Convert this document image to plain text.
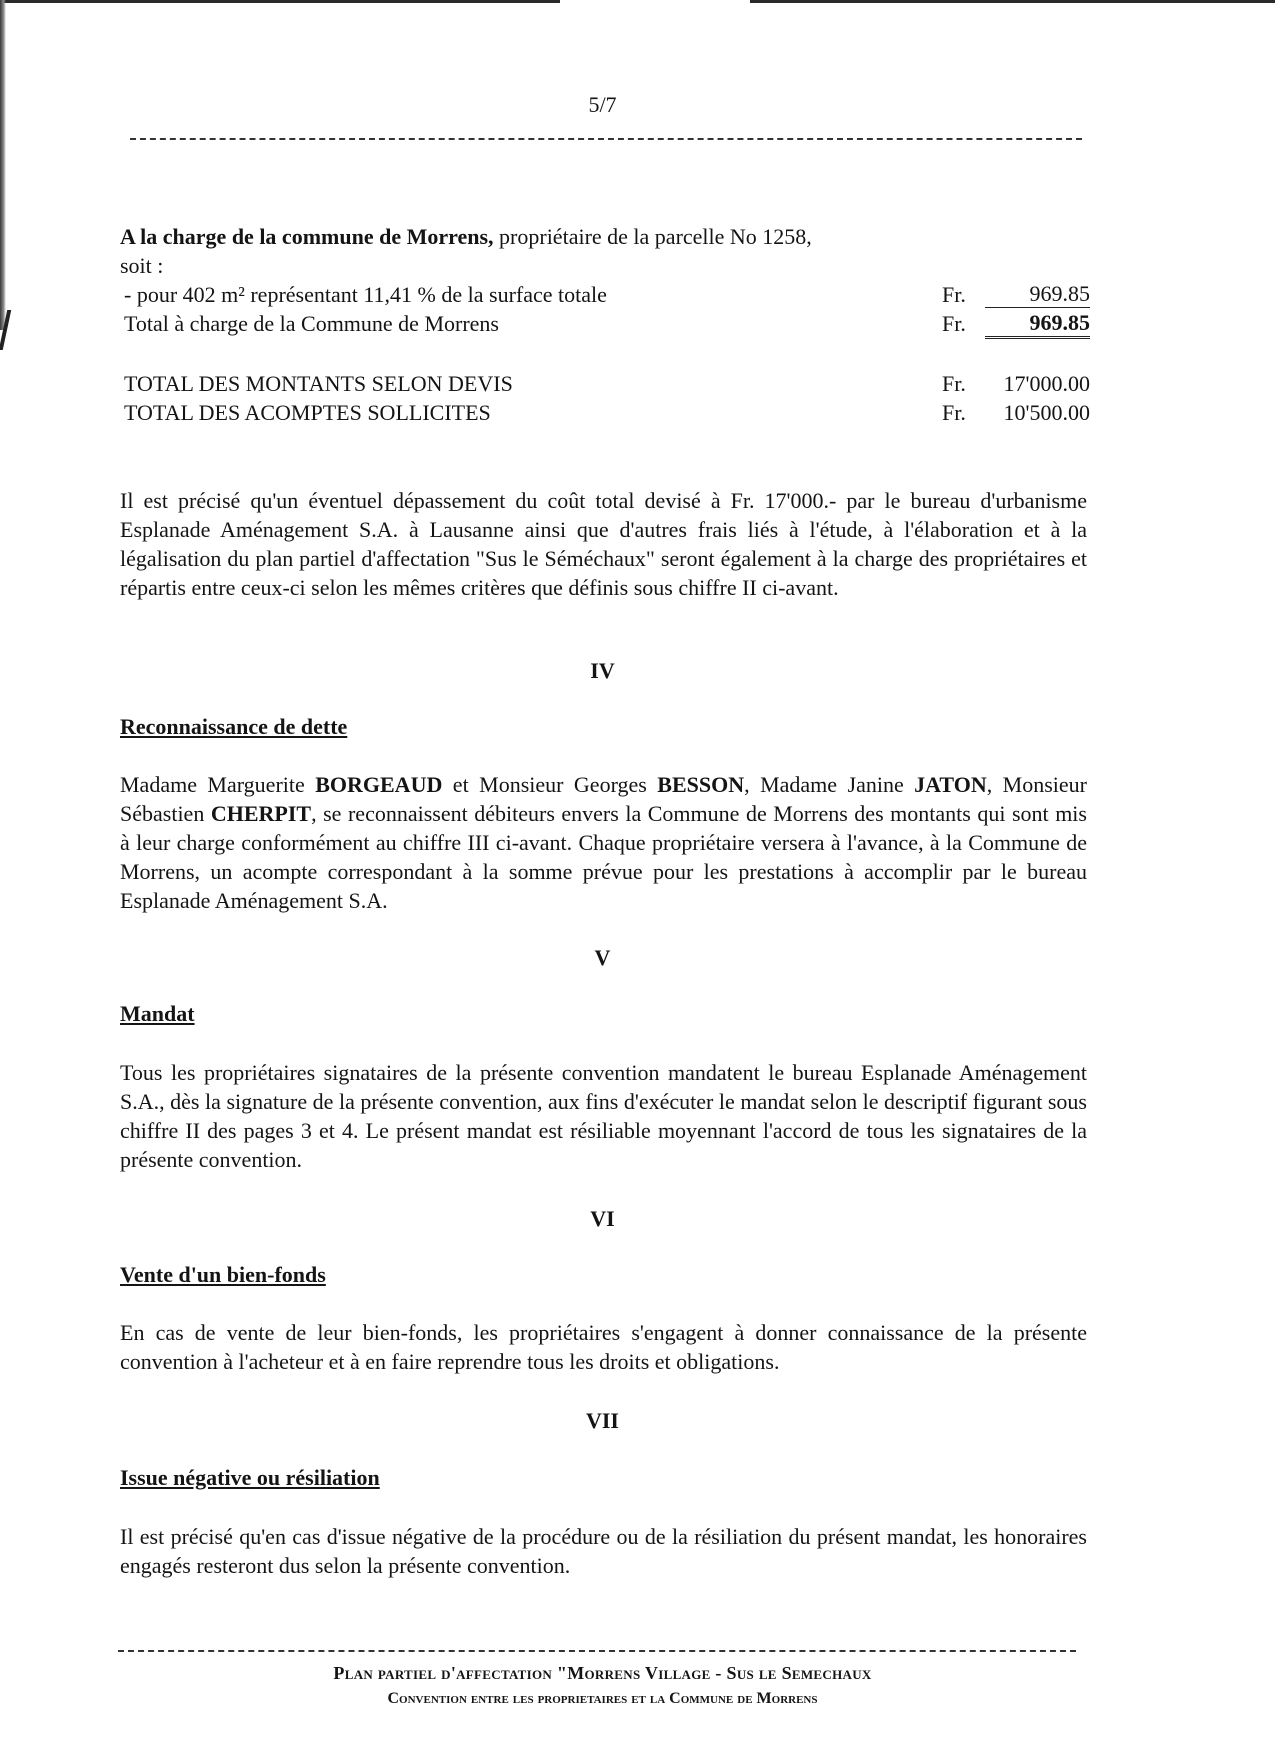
5/7
A la charge de la commune de Morrens, propriétaire de la parcelle No 1258,
soit :
- pour 402 m² représentant 11,41 % de la surface totale	Fr.	969.85
Total à charge de la Commune de Morrens	Fr.	969.85
TOTAL DES MONTANTS SELON DEVIS	Fr. 17'000.00
TOTAL DES ACOMPTES SOLLICITES	Fr. 10'500.00
Il est précisé qu'un éventuel dépassement du coût total devisé à Fr. 17'000.- par le bureau d'urbanisme Esplanade Aménagement S.A. à Lausanne ainsi que d'autres frais liés à l'étude, à l'élaboration et à la légalisation du plan partiel d'affectation "Sus le Séméchaux" seront également à la charge des propriétaires et répartis entre ceux-ci selon les mêmes critères que définis sous chiffre II ci-avant.
IV
Reconnaissance de dette
Madame Marguerite BORGEAUD et Monsieur Georges BESSON, Madame Janine JATON, Monsieur Sébastien CHERPIT, se reconnaissent débiteurs envers la Commune de Morrens des montants qui sont mis à leur charge conformément au chiffre III ci-avant. Chaque propriétaire versera à l'avance, à la Commune de Morrens, un acompte correspondant à la somme prévue pour les prestations à accomplir par le bureau Esplanade Aménagement S.A.
V
Mandat
Tous les propriétaires signataires de la présente convention mandatent le bureau Esplanade Aménagement S.A., dès la signature de la présente convention, aux fins d'exécuter le mandat selon le descriptif figurant sous chiffre II des pages 3 et 4. Le présent mandat est résiliable moyennant l'accord de tous les signataires de la présente convention.
VI
Vente d'un bien-fonds
En cas de vente de leur bien-fonds, les propriétaires s'engagent à donner connaissance de la présente convention à l'acheteur et à en faire reprendre tous les droits et obligations.
VII
Issue négative ou résiliation
Il est précisé qu'en cas d'issue négative de la procédure ou de la résiliation du présent mandat, les honoraires engagés resteront dus selon la présente convention.
Plan partiel d'affectation "Morrens Village - Sus le Semechaux
Convention entre les proprietaires et la Commune de Morrens
